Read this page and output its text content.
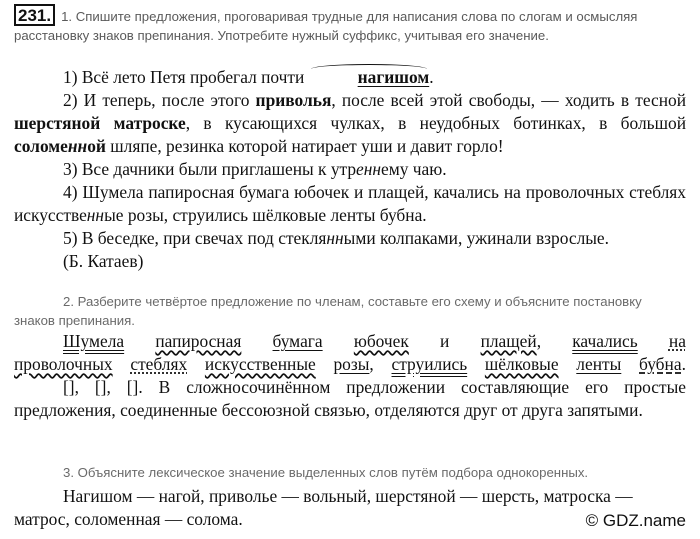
231. 1. Спишите предложения, проговаривая трудные для написания слова по слогам и осмысляя расстановку знаков препинания. Употребите нужный суффикс, учитывая его значение.

1) Всё лето Петя пробегал почти	нагишом.

2) И теперь, после этого приволья, после всей этой свободы, — ходить в тесной шерстяной матроске, в кусающихся чулках, в неудобных ботинках, в большой соломенной шляпе, резинка которой натирает уши и давит горло!

3) Все дачники были приглашены к утреннему чаю.

4) Шумела папиросная бумага юбочек и плащей, качались на проволочных стеблях искусственные розы, струились шёлковые ленты бубна.

5) В беседке, при свечах под стеклянными колпаками, ужинали взрослые.

(Б. Катаев)

2. Разберите четвёртое предложение по членам, составьте его схему и объясните постановку знаков препинания.

Шумела папиросная бумага юбочек и плащей, качались на

проволочных стеблях искусственные розы, струились шёлковые ленты бубна.

[], [], []. В сложносочинённом предложении составляющие его простые предложения, соединенные бессоюзной связью, отделяются друг от друга запятыми.

3. Объясните лексическое значение выделенных слов путём подбора однокоренных.

Нагишом — нагой, приволье — вольный, шерстяной — шерсть, матроска — матрос, соломенная — солома.	© GDZ.name
